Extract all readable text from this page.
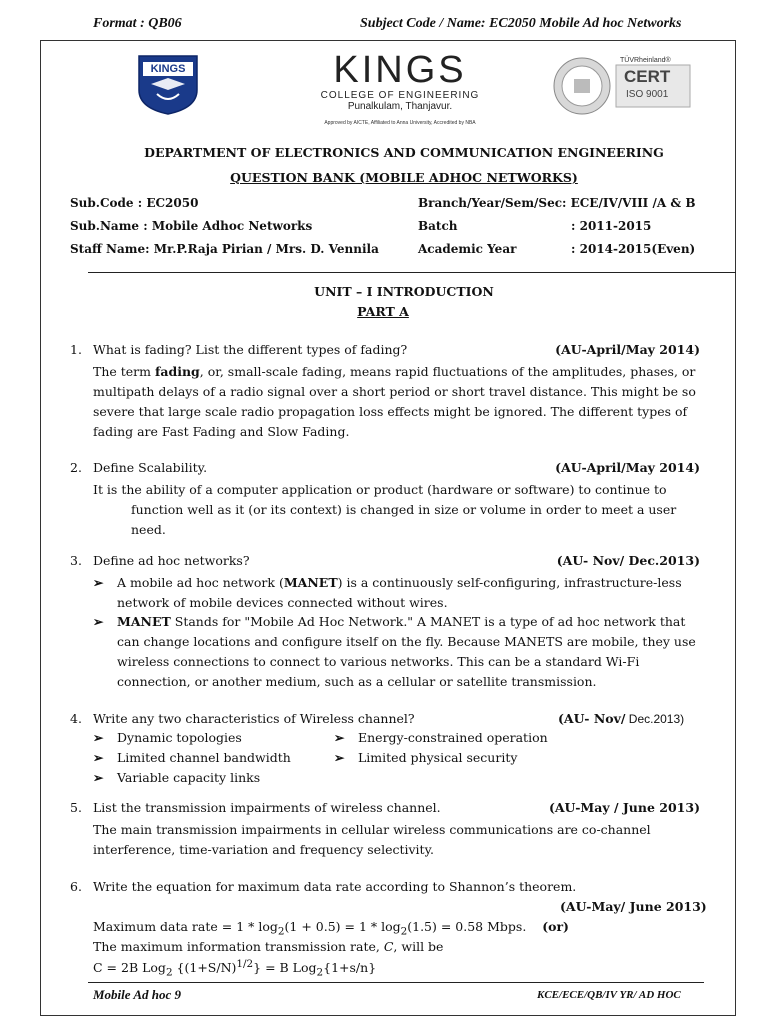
Format : QB06	Subject Code / Name: EC2050 Mobile Ad hoc Networks
KINGS	KINGS
COLLEGE OF ENGINEERING
Punalkulam, Thanjavur.
Approved by AICTE, Affiliated to Anna University, Accredited by NBA
TÜVRheinland®
CERT
ISO 9001
DEPARTMENT OF ELECTRONICS AND COMMUNICATION ENGINEERING
QUESTION BANK (MOBILE ADHOC NETWORKS)
Sub.Code : EC2050
Sub.Name : Mobile Adhoc Networks
Staff Name: Mr.P.Raja Pirian / Mrs. D. Vennila
Branch/Year/Sem/Sec: ECE/IV/VIII /A & B
Batch	: 2011-2015
Academic Year	: 2014-2015(Even)
UNIT – I INTRODUCTION
PART A
1. What is fading? List the different types of fading?	(AU-April/May 2014)
The term fading, or, small-scale fading, means rapid fluctuations of the amplitudes, phases, or
multipath delays of a radio signal over a short period or short travel distance. This might be so
severe that large scale radio propagation loss effects might be ignored. The different types of
fading are Fast Fading and Slow Fading.
2. Define Scalability.	(AU-April/May 2014)
It is the ability of a computer application or product (hardware or software) to continue to
function well as it (or its context) is changed in size or volume in order to meet a user
need.
3. Define ad hoc networks?	(AU- Nov/ Dec.2013)
➢ A mobile ad hoc network (MANET) is a continuously self-configuring, infrastructure-less
network of mobile devices connected without wires.
➢ MANET Stands for "Mobile Ad Hoc Network." A MANET is a type of ad hoc network that
can change locations and configure itself on the fly. Because MANETS are mobile, they use
wireless connections to connect to various networks. This can be a standard Wi-Fi
connection, or another medium, such as a cellular or satellite transmission.
4. Write any two characteristics of Wireless channel?	(AU- Nov/ Dec.2013)
➢ Dynamic topologies
➢ Limited channel bandwidth
➢ Variable capacity links
➢ Energy-constrained operation
➢ Limited physical security
5. List the transmission impairments of wireless channel.	(AU-May / June 2013)
The main transmission impairments in cellular wireless communications are co-channel
interference, time-variation and frequency selectivity.
6. Write the equation for maximum data rate according to Shannon’s theorem.
(AU-May/ June 2013)
Maximum data rate = $1 * \log_2(1 + 0.5) = 1 * \log_2(1.5) = 0.58$ Mbps. (or)
The maximum information transmission rate, C, will be
C = 2B Log$_2$ $\{(1+S/N)^{1/2}\} = B$ Log$_2${1+s/n}
Mobile Ad hoc 9	KCE/ECE/QB/IV YR/ AD HOC
